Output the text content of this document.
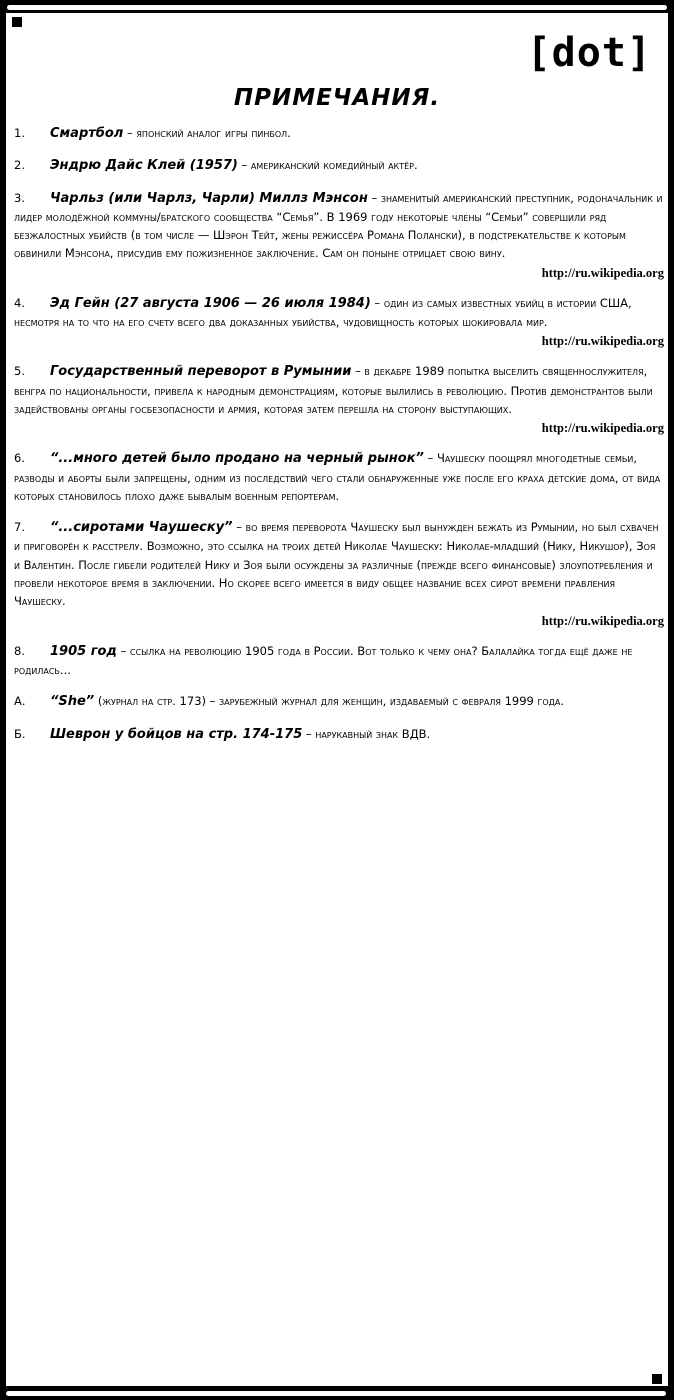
[dot]
ПРИМЕЧАНИЯ.
1. Смартбол – японский аналог игры пинбол.
2. Эндрю Дайс Клей (1957) – американский комедийный актёр.
3. Чарльз (или Чарлз, Чарли) Миллз Мэнсон – знаменитый американский преступник, родоначальник и лидер молодёжной коммуны/братского сообщества “Семья”. В 1969 году некоторые члены “Семьи” совершили ряд безжалостных убийств (в том числе — Шэрон Тейт, жены режиссёра Романа Полански), в подстрекательстве к которым обвинили Мэнсона, присудив ему пожизненное заключение. Сам он поныне отрицает свою вину.
http://ru.wikipedia.org
4. Эд Гейн (27 августа 1906 — 26 июля 1984) – один из самых известных убийц в истории США, несмотря на то что на его счету всего два доказанных убийства, чудовищность которых шокировала мир.
http://ru.wikipedia.org
5. Государственный переворот в Румынии – в декабре 1989 попытка выселить священнослужителя, венгра по национальности, привела к народным демонстрациям, которые вылились в революцию. Против демонстрантов были задействованы органы госбезопасности и армия, которая затем перешла на сторону выступающих.
http://ru.wikipedia.org
6. “...много детей было продано на черный рынок” – Чаушеску поощрял многодетные семьи, разводы и аборты были запрещены, одним из последствий чего стали обнаруженные уже после его краха детские дома, от вида которых становилось плохо даже бывалым военным репортерам.
7. “...сиротами Чаушеску” – во время переворота Чаушеску был вынужден бежать из Румынии, но был схвачен и приговорён к расстрелу. Возможно, это ссылка на троих детей Николае Чаушеску: Николае-младший (Нику, Никушор), Зоя и Валентин. После гибели родителей Нику и Зоя были осуждены за различные (прежде всего финансовые) злоупотребления и провели некоторое время в заключении. Но скорее всего имеется в виду общее название всех сирот времени правления Чаушеску.
http://ru.wikipedia.org
8. 1905 год – ссылка на революцию 1905 года в России. Вот только к чему она? Балалайка тогда ещё даже не родилась...
А. “She” (журнал на стр. 173) – зарубежный журнал для женщин, издаваемый с февраля 1999 года.
Б. Шеврон у бойцов на стр. 174-175 – нарукавный знак ВДВ.
